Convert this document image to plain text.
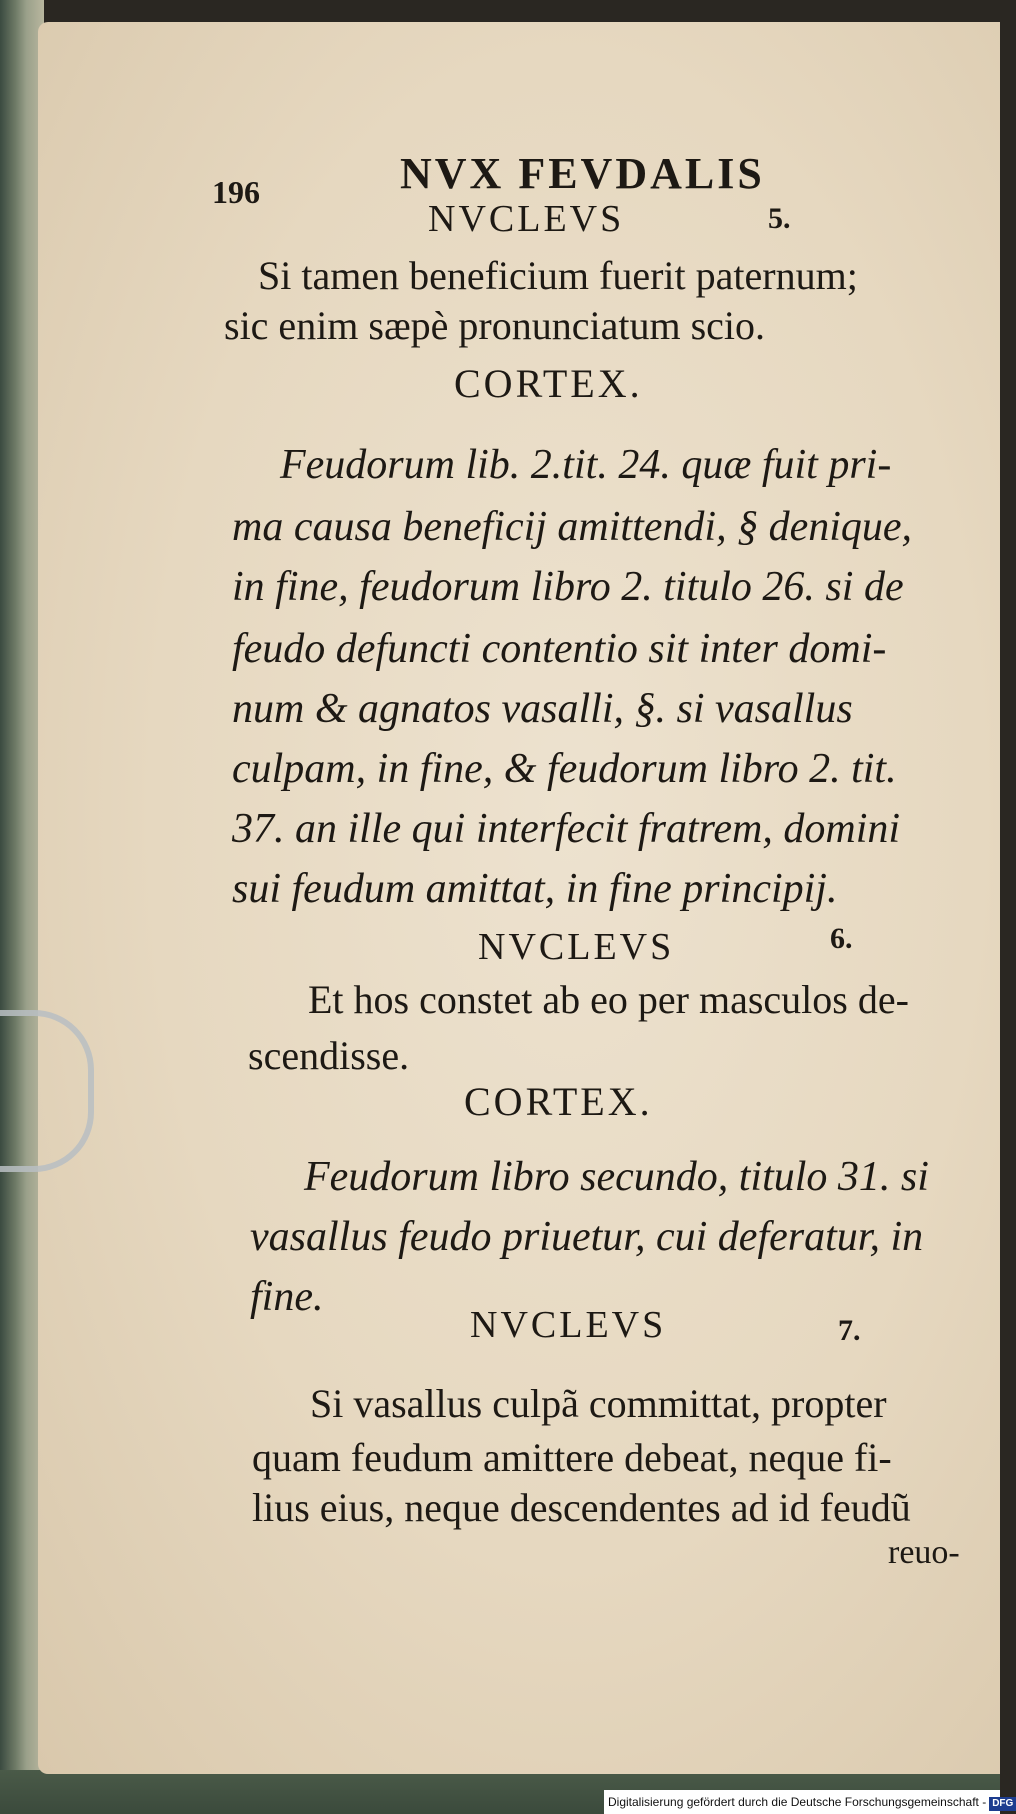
196	NVX FEVDALIS
NVCLEVS	5.
Si tamen beneficium fuerit paternum;
sic enim sæpè pronunciatum scio.
CORTEX.
Feudorum lib. 2.tit. 24. quæ fuit pri-
ma causa beneficij amittendi, § denique,
in fine, feudorum libro 2. titulo 26. si de
feudo defuncti contentio sit inter domi-
num & agnatos vasalli, §. si vasallus
culpam, in fine, & feudorum libro 2. tit.
37. an ille qui interfecit fratrem, domini
sui feudum amittat, in fine principij.
NVCLEVS	6.
Et hos constet ab eo per masculos de-
scendisse.
CORTEX.
Feudorum libro secundo, titulo 31. si
vasallus feudo priuetur, cui deferatur, in
fine.
NVCLEVS	7.
Si vasallus culpã committat, propter
quam feudum amittere debeat, neque fi-
lius eius, neque descendentes ad id feudũ
reuo-
Digitalisierung gefördert durch die Deutsche Forschungsgemeinschaft - DFG
